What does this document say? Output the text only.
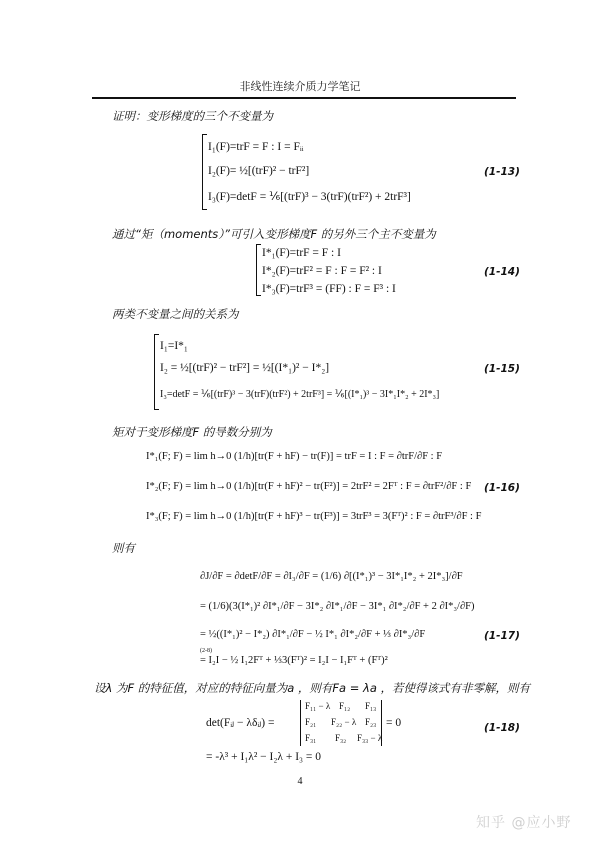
非线性连续介质力学笔记
证明：变形梯度的三个不变量为
I₁(F)=trF = F : I = Fᵢᵢ
I₂(F)= ½[(trF)² − trF²]
I₃(F)=detF = ⅙[(trF)³ − 3(trF)(trF²) + 2trF³]
(1-13)
通过“矩（moments）”可引入变形梯度F 的另外三个主不变量为
I*₁(F)=trF = F : I
I*₂(F)=trF² = F : F = F² : I
I*₃(F)=trF³ = (FF) : F = F³ : I
(1-14)
两类不变量之间的关系为
I₁=I*₁
I₂ = ½[(trF)² − trF²] = ½[(I*₁)² − I*₂]
I₃=detF = ⅙[(trF)³ − 3(trF)(trF²) + 2trF³] = ⅙[(I*₁)³ − 3I*₁I*₂ + 2I*₃]
(1-15)
矩对于变形梯度F 的导数分别为
I*₁(F; F) = lim h→0 (1/h)[tr(F + hF) − tr(F)] = trF = I : F = ∂trF/∂F : F
I*₂(F; F) = lim h→0 (1/h)[tr(F + hF)² − tr(F²)] = 2trF² = 2Fᵀ : F = ∂trF²/∂F : F
I*₃(F; F) = lim h→0 (1/h)[tr(F + hF)³ − tr(F³)] = 3trF³ = 3(Fᵀ)² : F = ∂trF³/∂F : F
(1-16)
则有
∂J/∂F = ∂detF/∂F = ∂I₃/∂F = (1/6) ∂[(I*₁)³ − 3I*₁I*₂ + 2I*₃]/∂F
= (1/6)(3(I*₁)² ∂I*₁/∂F − 3I*₂ ∂I*₁/∂F − 3I*₁ ∂I*₂/∂F + 2 ∂I*₃/∂F)
= ½((I*₁)² − I*₂) ∂I*₁/∂F − ½ I*₁ ∂I*₂/∂F + ⅓ ∂I*₃/∂F
(2-8)
= I₂I − ½ I₁2Fᵀ + ⅓3(Fᵀ)² = I₂I − I₁Fᵀ + (Fᵀ)²
(1-17)
设λ 为F 的特征值，对应的特征向量为a ，则有Fa = λa ，若使得该式有非零解，则有
det(Fᵢⱼ − λδᵢⱼ) =
F₁₁ − λ F₁₂ F₁₃
F₂₁ F₂₂ − λ F₂₃
F₃₁ F₃₂ F₃₃ − λ
= 0
= -λ³ + I₁λ² − I₂λ + I₃ = 0
(1-18)
4
知乎 @应小野
